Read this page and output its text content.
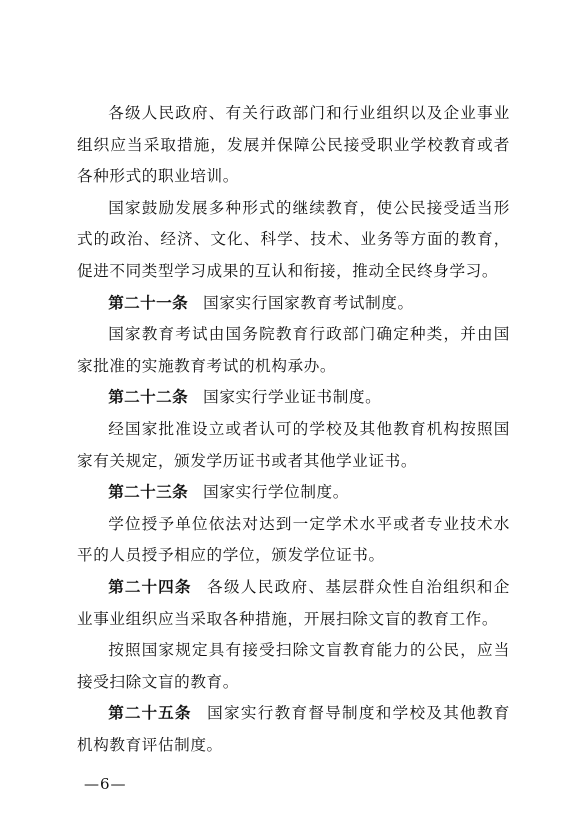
各级人民政府、有关行政部门和行业组织以及企业事业组织应当采取措施，发展并保障公民接受职业学校教育或者各种形式的职业培训。

国家鼓励发展多种形式的继续教育，使公民接受适当形式的政治、经济、文化、科学、技术、业务等方面的教育，促进不同类型学习成果的互认和衔接，推动全民终身学习。

第二十一条 国家实行国家教育考试制度。

国家教育考试由国务院教育行政部门确定种类，并由国家批准的实施教育考试的机构承办。

第二十二条 国家实行学业证书制度。

经国家批准设立或者认可的学校及其他教育机构按照国家有关规定，颁发学历证书或者其他学业证书。

第二十三条 国家实行学位制度。

学位授予单位依法对达到一定学术水平或者专业技术水平的人员授予相应的学位，颁发学位证书。

第二十四条 各级人民政府、基层群众性自治组织和企业事业组织应当采取各种措施，开展扫除文盲的教育工作。

按照国家规定具有接受扫除文盲教育能力的公民，应当接受扫除文盲的教育。

第二十五条 国家实行教育督导制度和学校及其他教育机构教育评估制度。

—6—
